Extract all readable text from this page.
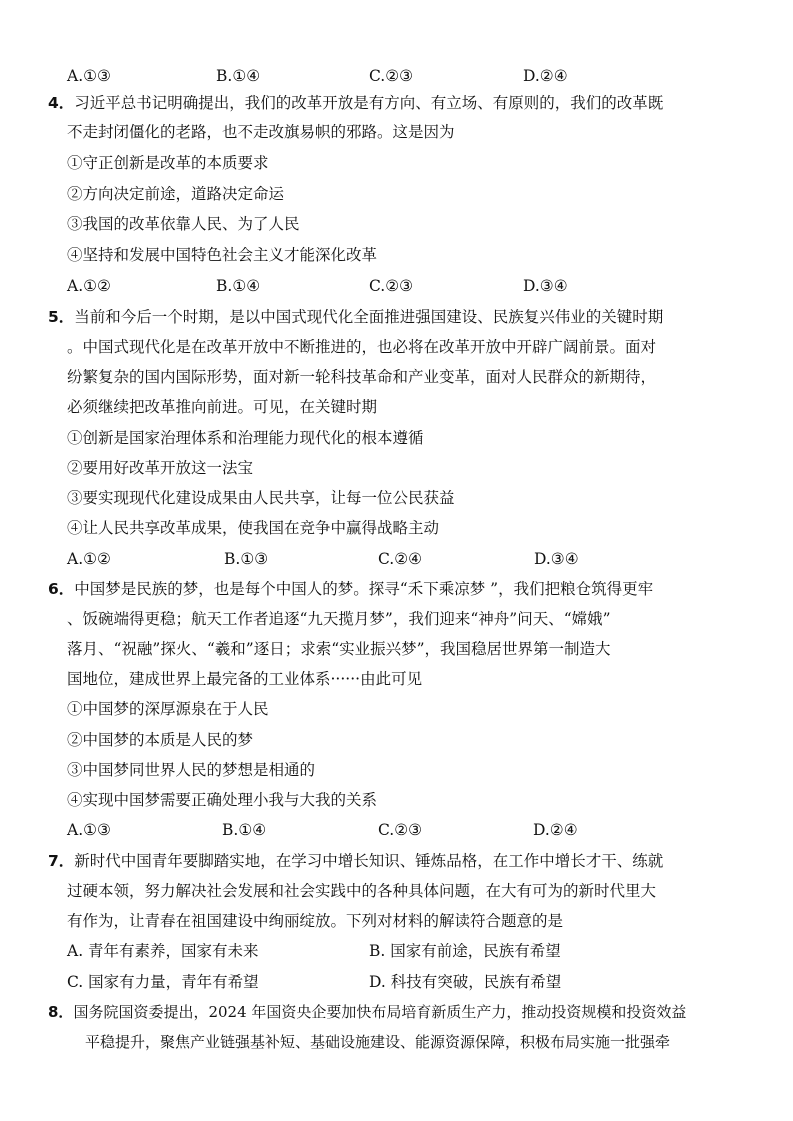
A.①③	B.①④	C.②③	D.②④
4．习近平总书记明确提出，我们的改革开放是有方向、有立场、有原则的，我们的改革既
不走封闭僵化的老路，也不走改旗易帜的邪路。这是因为
①守正创新是改革的本质要求
②方向决定前途，道路决定命运
③我国的改革依靠人民、为了人民
④坚持和发展中国特色社会主义才能深化改革
A.①②	B.①④	C.②③	D.③④
5．当前和今后一个时期，是以中国式现代化全面推进强国建设、民族复兴伟业的关键时期
。中国式现代化是在改革开放中不断推进的，也必将在改革开放中开辟广阔前景。面对
纷繁复杂的国内国际形势，面对新一轮科技革命和产业变革，面对人民群众的新期待，
必须继续把改革推向前进。可见，在关键时期
①创新是国家治理体系和治理能力现代化的根本遵循
②要用好改革开放这一法宝
③要实现现代化建设成果由人民共享，让每一位公民获益
④让人民共享改革成果，使我国在竞争中赢得战略主动
A.①②	B.①③	C.②④	D.③④
6．中国梦是民族的梦，也是每个中国人的梦。探寻“禾下乘凉梦 ”，我们把粮仓筑得更牢
、饭碗端得更稳；航天工作者追逐“九天揽月梦”，我们迎来“神舟”问天、“嫦娥”
落月、“祝融”探火、“羲和”逐日；求索“实业振兴梦”，我国稳居世界第一制造大
国地位，建成世界上最完备的工业体系······由此可见
①中国梦的深厚源泉在于人民
②中国梦的本质是人民的梦
③中国梦同世界人民的梦想是相通的
④实现中国梦需要正确处理小我与大我的关系
A.①③	B.①④	C.②③	D.②④
7．新时代中国青年要脚踏实地，在学习中增长知识、锤炼品格，在工作中增长才干、练就
过硬本领，努力解决社会发展和社会实践中的各种具体问题，在大有可为的新时代里大
有作为，让青春在祖国建设中绚丽绽放。下列对材料的解读符合题意的是
A. 青年有素养，国家有未来	B. 国家有前途，民族有希望
C. 国家有力量，青年有希望	D. 科技有突破，民族有希望
8．国务院国资委提出，2024 年国资央企要加快布局培育新质生产力，推动投资规模和投资效益
平稳提升，聚焦产业链强基补短、基础设施建设、能源资源保障，积极布局实施一批强牵
